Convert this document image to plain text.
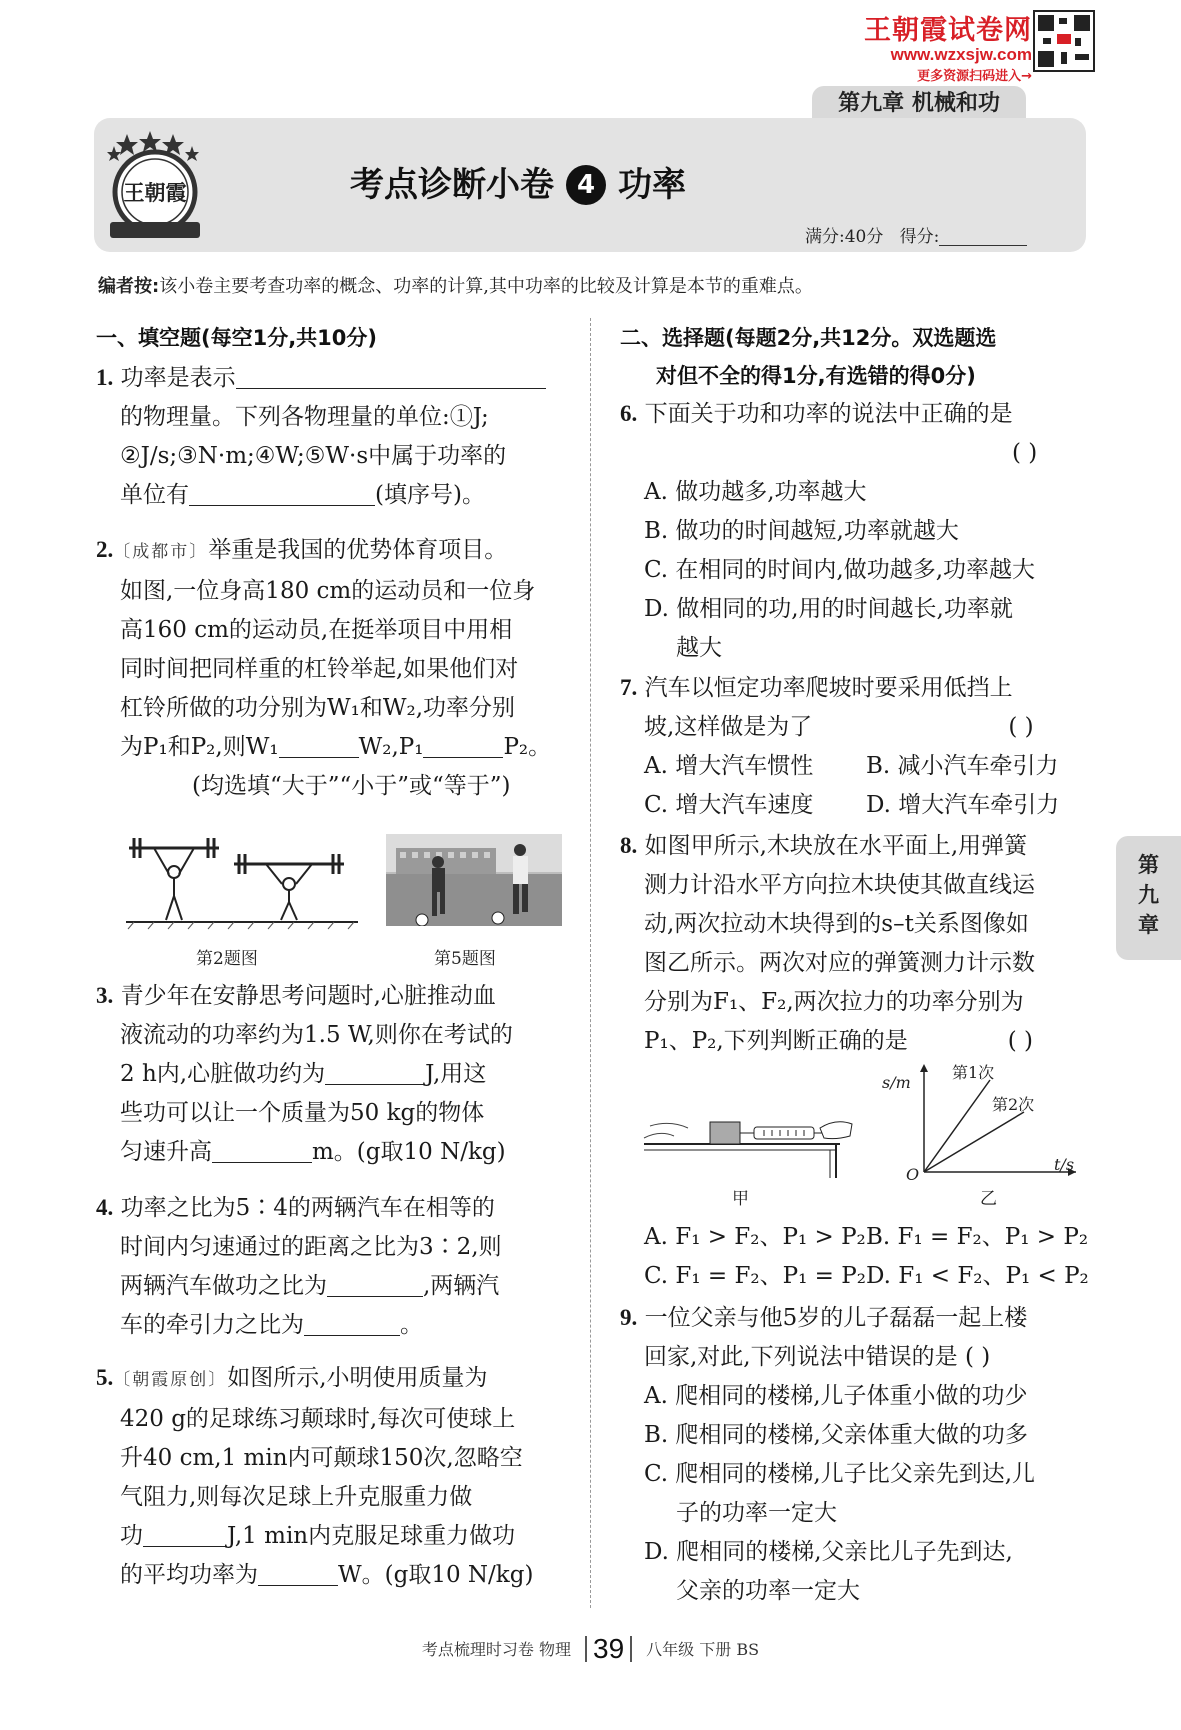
王朝霞试卷网
www.wzxsjw.com
更多资源扫码进入→
第九章 机械和功
王朝霞	考点诊断小卷 4 功率
满分:40分 得分:
编者按:该小卷主要考查功率的概念、功率的计算,其中功率的比较及计算是本节的重难点。
一、填空题(每空1分,共10分)
1. 功率是表示
的物理量。下列各物理量的单位:①J;
②J/s;③N·m;④W;⑤W·s中属于功率的
单位有	(填序号)。
2.〔成都市〕举重是我国的优势体育项目。
如图,一位身高180 cm的运动员和一位身
高160 cm的运动员,在挺举项目中用相
同时间把同样重的杠铃举起,如果他们对
杠铃所做的功分别为W₁和W₂,功率分别
为P₁和P₂,则W₁	W₂,P₁	P₂。
(均选填“大于”“小于”或“等于”)
第2题图	第5题图
3. 青少年在安静思考问题时,心脏推动血
液流动的功率约为1.5 W,则你在考试的
2 h内,心脏做功约为	J,用这
些功可以让一个质量为50 kg的物体
匀速升高	m。(g取10 N/kg)
4. 功率之比为5∶4的两辆汽车在相等的
时间内匀速通过的距离之比为3∶2,则
两辆汽车做功之比为	,两辆汽
车的牵引力之比为	。
5.〔朝霞原创〕如图所示,小明使用质量为
420 g的足球练习颠球时,每次可使球上
升40 cm,1 min内可颠球150次,忽略空
气阻力,则每次足球上升克服重力做
功	J,1 min内克服足球重力做功
的平均功率为	W。(g取10 N/kg)
二、选择题(每题2分,共12分。双选题选
对但不全的得1分,有选错的得0分)
6. 下面关于功和功率的说法中正确的是
( )
A. 做功越多,功率越大
B. 做功的时间越短,功率就越大
C. 在相同的时间内,做功越多,功率越大
D. 做相同的功,用的时间越长,功率就
越大
7. 汽车以恒定功率爬坡时要采用低挡上
坡,这样做是为了	( )
A. 增大汽车惯性 B. 减小汽车牵引力
C. 增大汽车速度 D. 增大汽车牵引力
8. 如图甲所示,木块放在水平面上,用弹簧
测力计沿水平方向拉木块使其做直线运
动,两次拉动木块得到的s–t关系图像如
图乙所示。两次对应的弹簧测力计示数
分别为F₁、F₂,两次拉力的功率分别为
P₁、P₂,下列判断正确的是	( )
甲
s/m
t/s
O
第1次
第2次
乙
A. F₁ > F₂、P₁ > P₂B. F₁ = F₂、P₁ > P₂
C. F₁ = F₂、P₁ = P₂D. F₁ < F₂、P₁ < P₂
9. 一位父亲与他5岁的儿子磊磊一起上楼
回家,对此,下列说法中错误的是 ( )
A. 爬相同的楼梯,儿子体重小做的功少
B. 爬相同的楼梯,父亲体重大做的功多
C. 爬相同的楼梯,儿子比父亲先到达,儿
子的功率一定大
D. 爬相同的楼梯,父亲比儿子先到达,
父亲的功率一定大
第
九
章
考点梳理时习卷 物理 39 八年级 下册 BS
